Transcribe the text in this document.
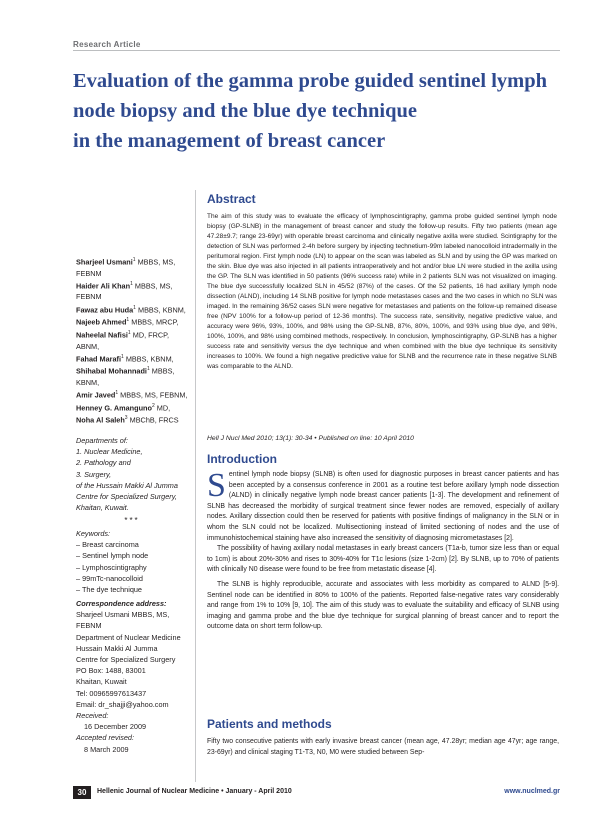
Research Article
Evaluation of the gamma probe guided sentinel lymph
node biopsy and the blue dye technique
in the management of breast cancer
Sharjeel Usmani$^1$ MBBS, MS, FEBNM
Haider Ali Khan$^1$ MBBS, MS, FEBNM
Fawaz abu Huda$^1$ MBBS, KBNM,
Najeeb Ahmed$^1$ MBBS, MRCP,
Naheelal Nafisi$^1$ MD, FRCP, ABNM,
Fahad Marafi$^1$ MBBS, KBNM,
Shihabal Mohannadi$^1$ MBBS, KBNM,
Amir Javed$^1$ MBBS, MS, FEBNM,
Henney G. Amanguno$^2$ MD,
Noha Al Saleh$^3$ MBChB, FRCS
Departments of:
1. Nuclear Medicine,
2. Pathology and
3. Surgery,
of the Hussain Makki Al Jumma
Centre for Specialized Surgery,
Khaitan, Kuwait.
***
Keywords:
– Breast carcinoma
– Sentinel lymph node
– Lymphoscintigraphy
– 99mTc-nanocolloid
– The dye technique
Correspondence address:
Sharjeel Usmani MBBS, MS, FEBNM
Department of Nuclear Medicine
Hussain Makki Al Jumma
Centre for Specialized Surgery
PO Box: 1488, 83001
Khaitan, Kuwait
Tel: 00965997613437
Email: dr_shajji@yahoo.com
Received:
16 December 2009
Accepted revised:
8 March 2009
Abstract

The aim of this study was to evaluate the efficacy of lymphoscintigraphy, gamma probe guided sentinel lymph node biopsy (GP-SLNB) in the management of breast cancer and study the follow-up results. Fifty two patients (mean age 47.28±9.7; range 23-69yr) with operable breast carcinoma and clinically negative axilla were studied. Scintigraphy for the detection of SLN was performed 2-4h before surgery by injecting technetium-99m labeled nanocolloid intradermally in the peritumoral region. First lymph node (LN) to appear on the scan was labeled as SLN and by using the GP was marked on the skin. Blue dye was also injected in all patients intraoperatively and hot and/or blue LN were studied in the axilla using the GP. The SLN was identified in 50 patients (96% success rate) while in 2 patients SLN was not visualized on imaging. The blue dye successfully localized SLN in 45/52 (87%) of the cases. Of the 52 patients, 16 had axillary lymph node dissection (ALND), including 14 SLNB positive for lymph node metastases cases and the two cases in which no SLN was imaged. In the remaining 36/52 cases SLN were negative for metastases and patients on the follow-up remained disease free (NPV 100% for a follow-up period of 12-36 months). The success rate, sensitivity, negative predictive value, and accuracy were 96%, 93%, 100%, and 98% using the GP-SLNB, 87%, 80%, 100%, and 93% using blue dye, and 98%, 100%, 100%, and 98% using combined methods, respectively. In conclusion, lymphoscintigraphy, GP-SLNB has a higher success rate and sensitivity versus the dye technique and when combined with the blue dye technique its sensitivity increases to 100%. We found a high negative predictive value for SLNB and the recurrence rate in these negative SLNB was comparable to the ALND.

Hell J Nucl Med 2010; 13(1): 30-34 • Published on line: 10 April 2010
Introduction

Sentinel lymph node biopsy (SLNB) is often used for diagnostic purposes in breast cancer patients and has been accepted by a consensus conference in 2001 as a routine test before axillary lymph node dissection (ALND) in clinically negative lymph node breast cancer patients [1-3]. The development and refinement of SLNB has decreased the morbidity of surgical treatment since fewer nodes are removed, especially of axillary nodes. Axillary dissection could then be reserved for patients with positive findings of malignancy in the SLN or in whom the SLN could not be localized. Multisectioning instead of limited sectioning of nodes and the use of immunohistochemical staining have also increased the sensitivity of diagnosing micrometastases [2].

The possibility of having axillary nodal metastases in early breast cancers (T1a-b, tumor size less than or equal to 1cm) is about 20%-30% and rises to 30%-40% for T1c lesions (size 1-2cm) [2]. By SLNB, up to 70% of patients with clinically N0 disease were found to be free from metastatic disease [4].

The SLNB is highly reproducible, accurate and associates with less morbidity as compared to ALND [5-9]. Sentinel node can be identified in 80% to 100% of the patients. Reported false-negative rates vary considerably and range from 1% to 10% [9, 10]. The aim of this study was to evaluate the suitability and efficacy of SLNB using imaging and gamma probe and the blue dye technique for surgical planning of breast cancer and to report the outcome data on short term follow-up.

Patients and methods

Fifty two consecutive patients with early invasive breast cancer (mean age, 47.28yr; median age 47yr; age range, 23-69yr) and clinical staging T1-T3, N0, M0 were studied between Sep-

30	Hellenic Journal of Nuclear Medicine • January - April 2010	www.nuclmed.gr
